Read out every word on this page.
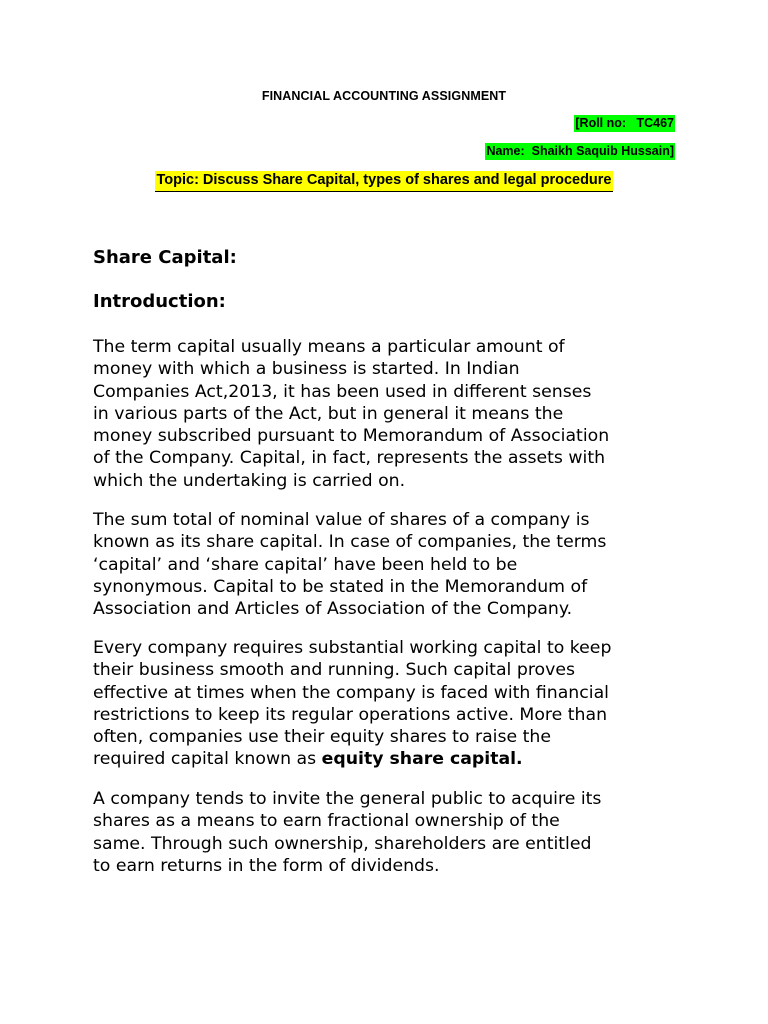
FINANCIAL ACCOUNTING ASSIGNMENT
[Roll no:   TC467
Name:  Shaikh Saquib Hussain]
Topic: Discuss Share Capital, types of shares and legal procedure
Share Capital:
Introduction:
The term capital usually means a particular amount of
money with which a business is started. In Indian
Companies Act,2013, it has been used in different senses
in various parts of the Act, but in general it means the
money subscribed pursuant to Memorandum of Association
of the Company. Capital, in fact, represents the assets with
which the undertaking is carried on.
The sum total of nominal value of shares of a company is
known as its share capital. In case of companies, the terms
‘capital’ and ‘share capital’ have been held to be
synonymous. Capital to be stated in the Memorandum of
Association and Articles of Association of the Company.
Every company requires substantial working capital to keep
their business smooth and running. Such capital proves
effective at times when the company is faced with financial
restrictions to keep its regular operations active. More than
often, companies use their equity shares to raise the
required capital known as equity share capital.
A company tends to invite the general public to acquire its
shares as a means to earn fractional ownership of the
same. Through such ownership, shareholders are entitled
to earn returns in the form of dividends.
